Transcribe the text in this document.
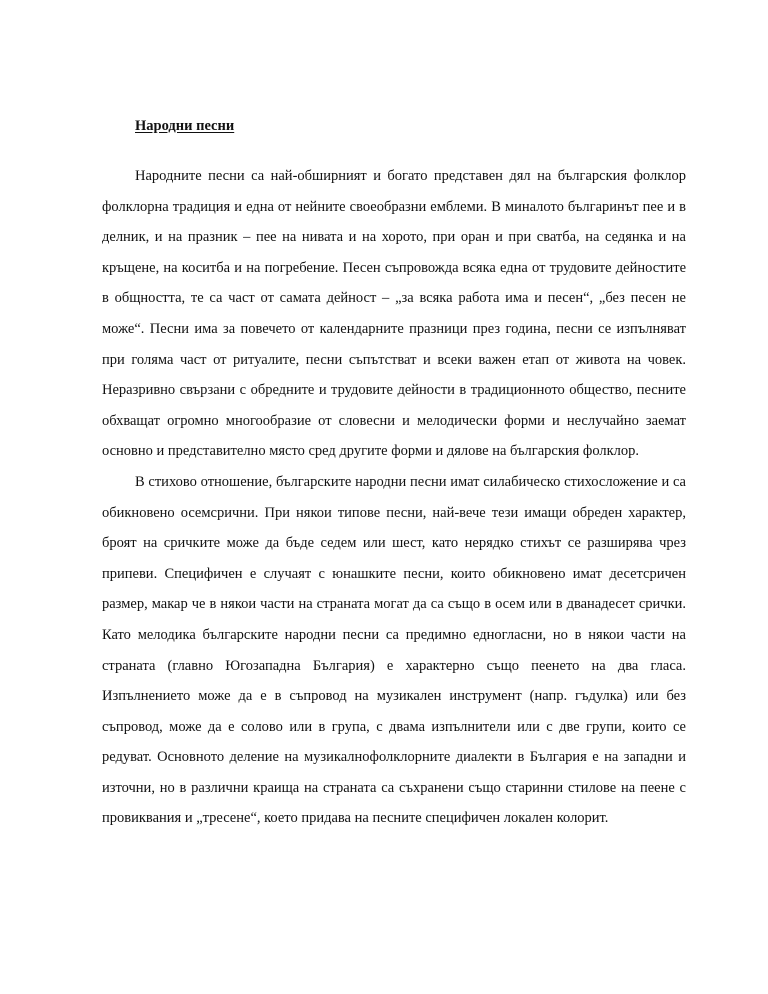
Народни песни

Народните песни са най-обширният и богато представен дял на българския фолклор фолклорна традиция и една от нейните своеобразни емблеми. В миналото българинът пее и в делник, и на празник – пее на нивата и на хорото, при оран и при сватба, на седянка и на кръщене, на коситба и на погребение. Песен съпровожда всяка една от трудовите дейностите в общността, те са част от самата дейност – „за всяка работа има и песен“, „без песен не може“. Песни има за повечето от календарните празници през година, песни се изпълняват при голяма част от ритуалите, песни съпътстват и всеки важен етап от живота на човек. Неразривно свързани с обредните и трудовите дейности в традиционното общество, песните обхващат огромно многообразие от словесни и мелодически форми и неслучайно заемат основно и представително място сред другите форми и дялове на българския фолклор.

В стихово отношение, българските народни песни имат силабическо стихосложение и са обикновено осемсрични. При някои типове песни, най-вече тези имащи обреден характер, броят на сричките може да бъде седем или шест, като нерядко стихът се разширява чрез припеви. Специфичен е случаят с юнашките песни, които обикновено имат десетсричен размер, макар че в някои части на страната могат да са също в осем или в дванадесет срички. Като мелодика българските народни песни са предимно едногласни, но в някои части на страната (главно Югозападна България) е характерно също пеенето на два гласа. Изпълнението може да е в съпровод на музикален инструмент (напр. гъдулка) или без съпровод, може да е солово или в група, с двама изпълнители или с две групи, които се редуват. Основното деление на музикалнофолклорните диалекти в България е на западни и източни, но в различни краища на страната са съхранени също старинни стилове на пеене с провиквания и „тресене“, което придава на песните специфичен локален колорит.
